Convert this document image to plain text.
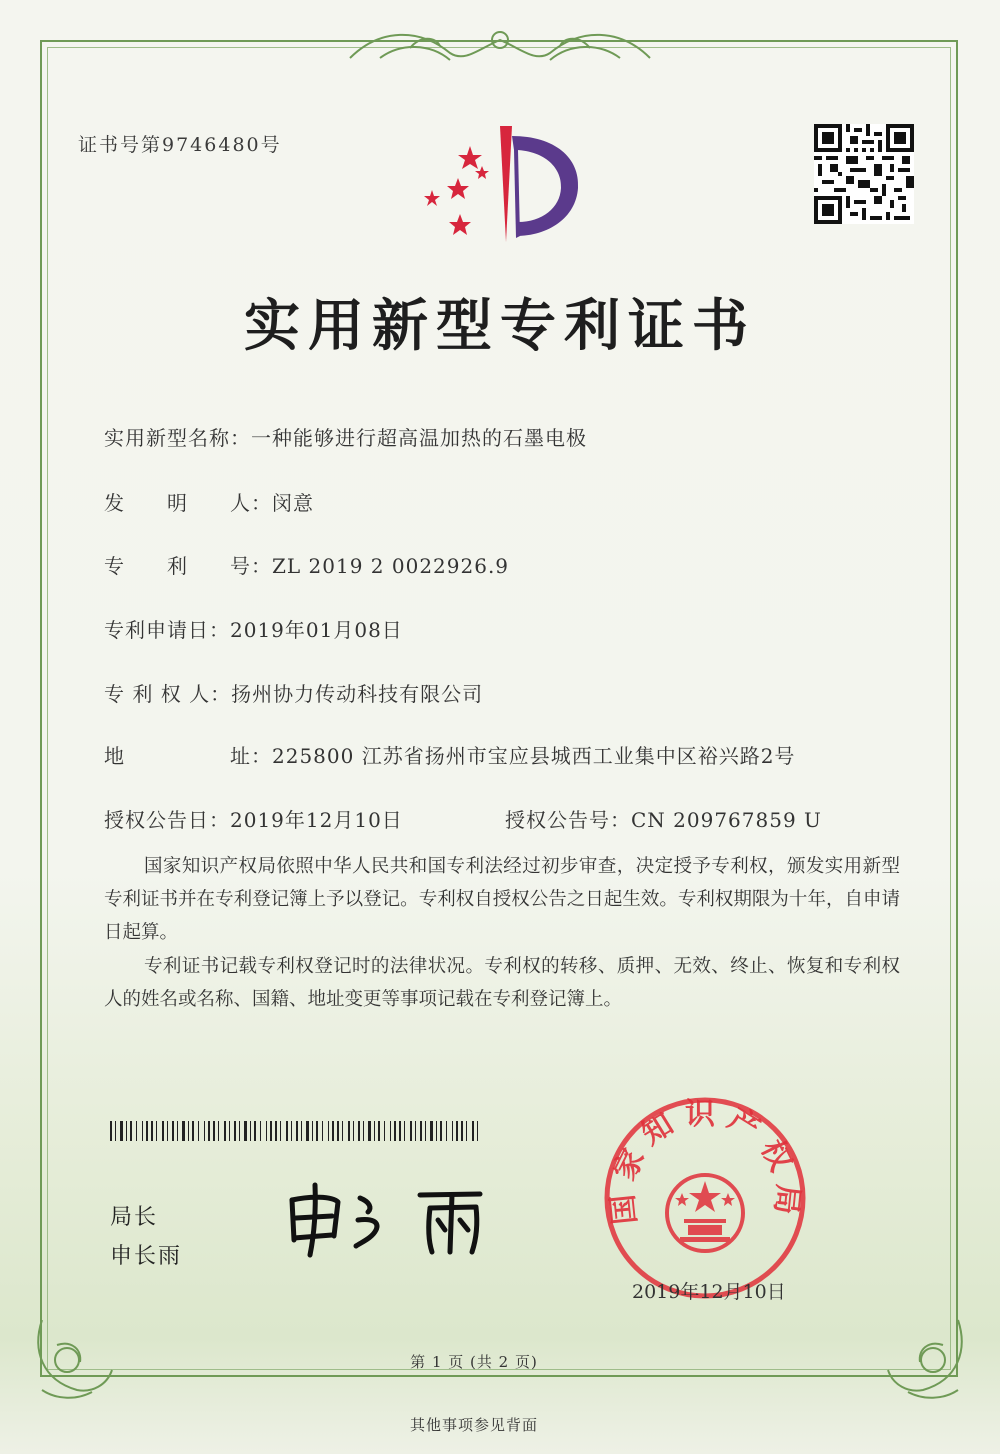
证书号第9746480号
实用新型专利证书
实用新型名称：一种能够进行超高温加热的石墨电极
发　　明　　人：闵意
专　　利　　号：ZL 2019 2 0022926.9
专利申请日：2019年01月08日
专 利 权 人：扬州协力传动科技有限公司
地　　　　　址：225800 江苏省扬州市宝应县城西工业集中区裕兴路2号
授权公告日：2019年12月10日	授权公告号：CN 209767859 U
国家知识产权局依照中华人民共和国专利法经过初步审查，决定授予专利权，颁发实用新型专利证书并在专利登记簿上予以登记。专利权自授权公告之日起生效。专利权期限为十年，自申请日起算。
专利证书记载专利权登记时的法律状况。专利权的转移、质押、无效、终止、恢复和专利权人的姓名或名称、国籍、地址变更等事项记载在专利登记簿上。
局长
申长雨
国家知识产权局
2019年12月10日
第 1 页 (共 2 页)
其他事项参见背面
